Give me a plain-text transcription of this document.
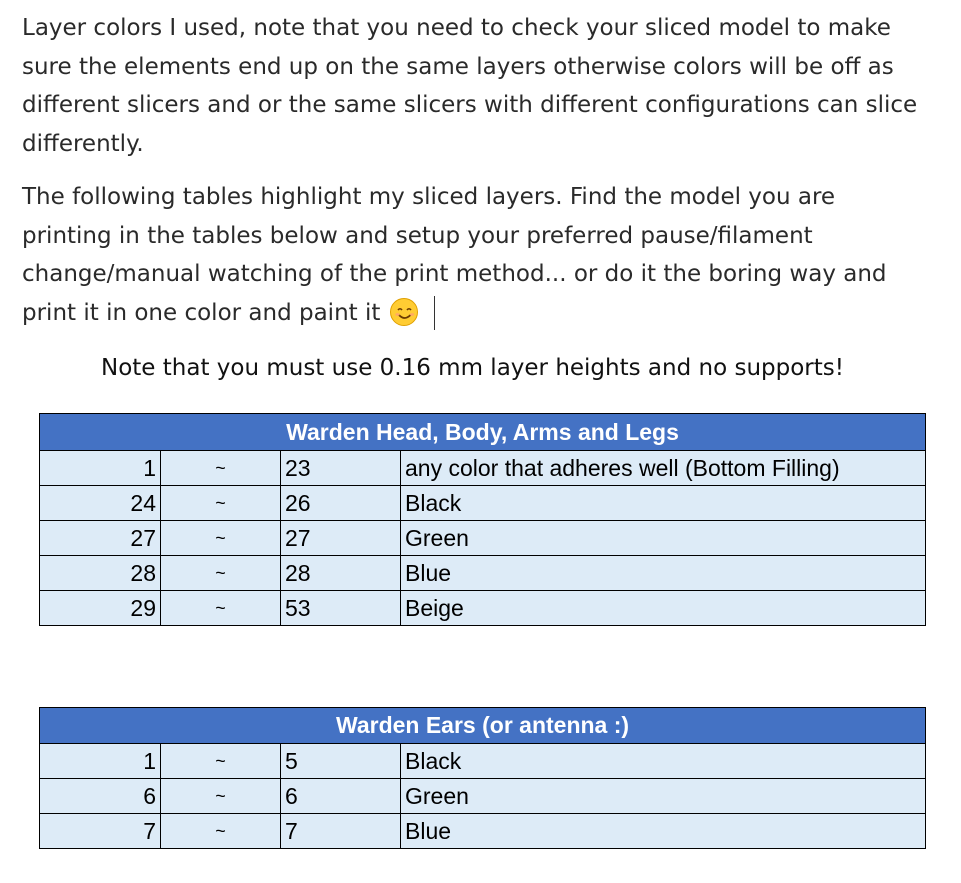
Layer colors I used, note that you need to check your sliced model to make sure the elements end up on the same layers otherwise colors will be off as different slicers and or the same slicers with different configurations can slice differently.

The following tables highlight my sliced layers. Find the model you are printing in the tables below and setup your preferred pause/filament change/manual watching of the print method... or do it the boring way and print it in one color and paint it

Note that you must use 0.16 mm layer heights and no supports!

Warden Head, Body, Arms and Legs			
1	~	23	any color that adheres well (Bottom Filling)
24	~	26	Black
27	~	27	Green
28	~	28	Blue
29	~	53	Beige
Warden Ears (or antenna :)			
1	~	5	Black
6	~	6	Green
7	~	7	Blue
